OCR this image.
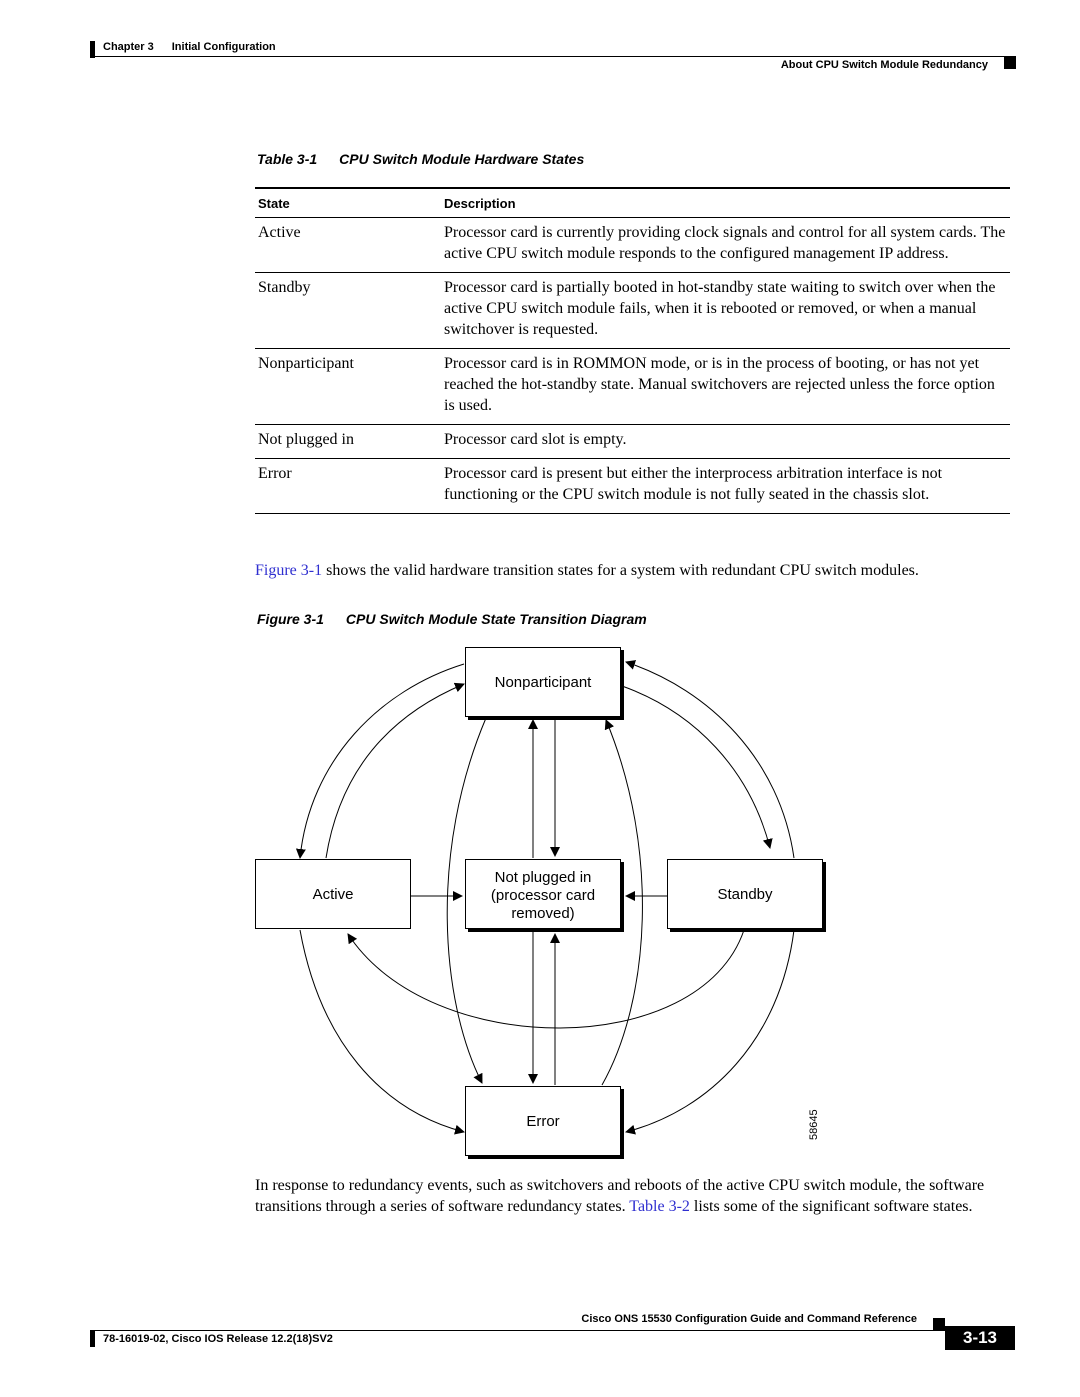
Chapter 3 Initial Configuration
About CPU Switch Module Redundancy
Table 3-1 CPU Switch Module Hardware States
State	Description
Active	Processor card is currently providing clock signals and control for all system cards. The active CPU switch module responds to the configured management IP address.
Standby	Processor card is partially booted in hot-standby state waiting to switch over when the active CPU switch module fails, when it is rebooted or removed, or when a manual switchover is requested.
Nonparticipant	Processor card is in ROMMON mode, or is in the process of booting, or has not yet reached the hot-standby state. Manual switchovers are rejected unless the force option is used.
Not plugged in	Processor card slot is empty.
Error	Processor card is present but either the interprocess arbitration interface is not functioning or the CPU switch module is not fully seated in the chassis slot.
Figure 3-1 shows the valid hardware transition states for a system with redundant CPU switch modules.
Figure 3-1 CPU Switch Module State Transition Diagram
Nonparticipant
Active
Not plugged in
(processor card
removed)
Standby
Error	58645
In response to redundancy events, such as switchovers and reboots of the active CPU switch module, the software transitions through a series of software redundancy states. Table 3-2 lists some of the significant software states.
Cisco ONS 15530 Configuration Guide and Command Reference
78-16019-02, Cisco IOS Release 12.2(18)SV2	3-13
